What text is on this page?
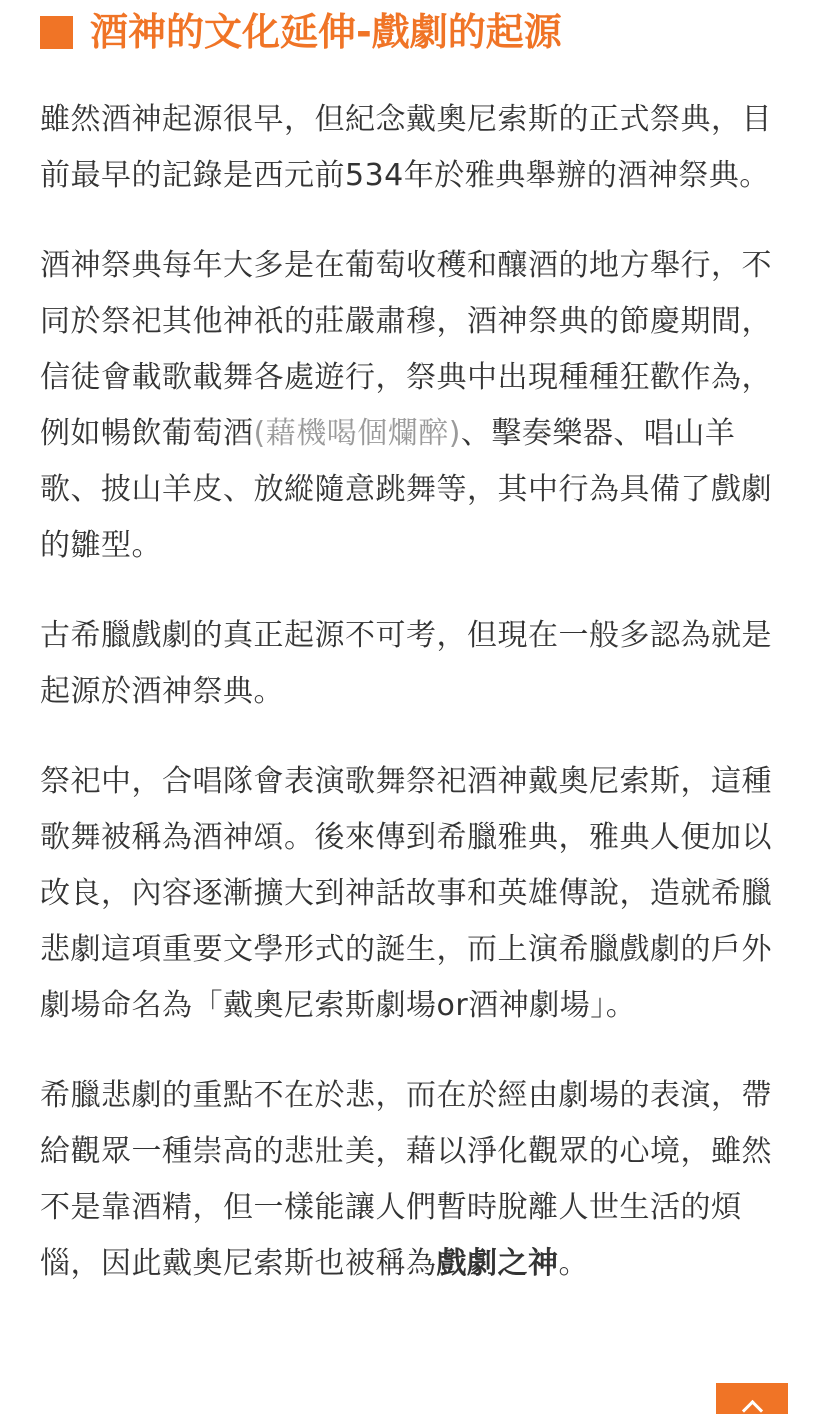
酒神的文化延伸-戲劇的起源

雖然酒神起源很早，但紀念戴奧尼索斯的正式祭典，目前最早的記錄是西元前534年於雅典舉辦的酒神祭典。

酒神祭典每年大多是在葡萄收穫和釀酒的地方舉行，不同於祭祀其他神祇的莊嚴肅穆，酒神祭典的節慶期間，信徒會載歌載舞各處遊行，祭典中出現種種狂歡作為，例如暢飲葡萄酒(藉機喝個爛醉)、擊奏樂器、唱山羊歌、披山羊皮、放縱隨意跳舞等，其中行為具備了戲劇的雛型。

古希臘戲劇的真正起源不可考，但現在一般多認為就是起源於酒神祭典。

祭祀中，合唱隊會表演歌舞祭祀酒神戴奧尼索斯，這種歌舞被稱為酒神頌。後來傳到希臘雅典，雅典人便加以改良，內容逐漸擴大到神話故事和英雄傳說，造就希臘悲劇這項重要文學形式的誕生，而上演希臘戲劇的戶外劇場命名為「戴奧尼索斯劇場or酒神劇場」。

希臘悲劇的重點不在於悲，而在於經由劇場的表演，帶給觀眾一種崇高的悲壯美，藉以淨化觀眾的心境，雖然不是靠酒精，但一樣能讓人們暫時脫離人世生活的煩惱，因此戴奧尼索斯也被稱為戲劇之神。
